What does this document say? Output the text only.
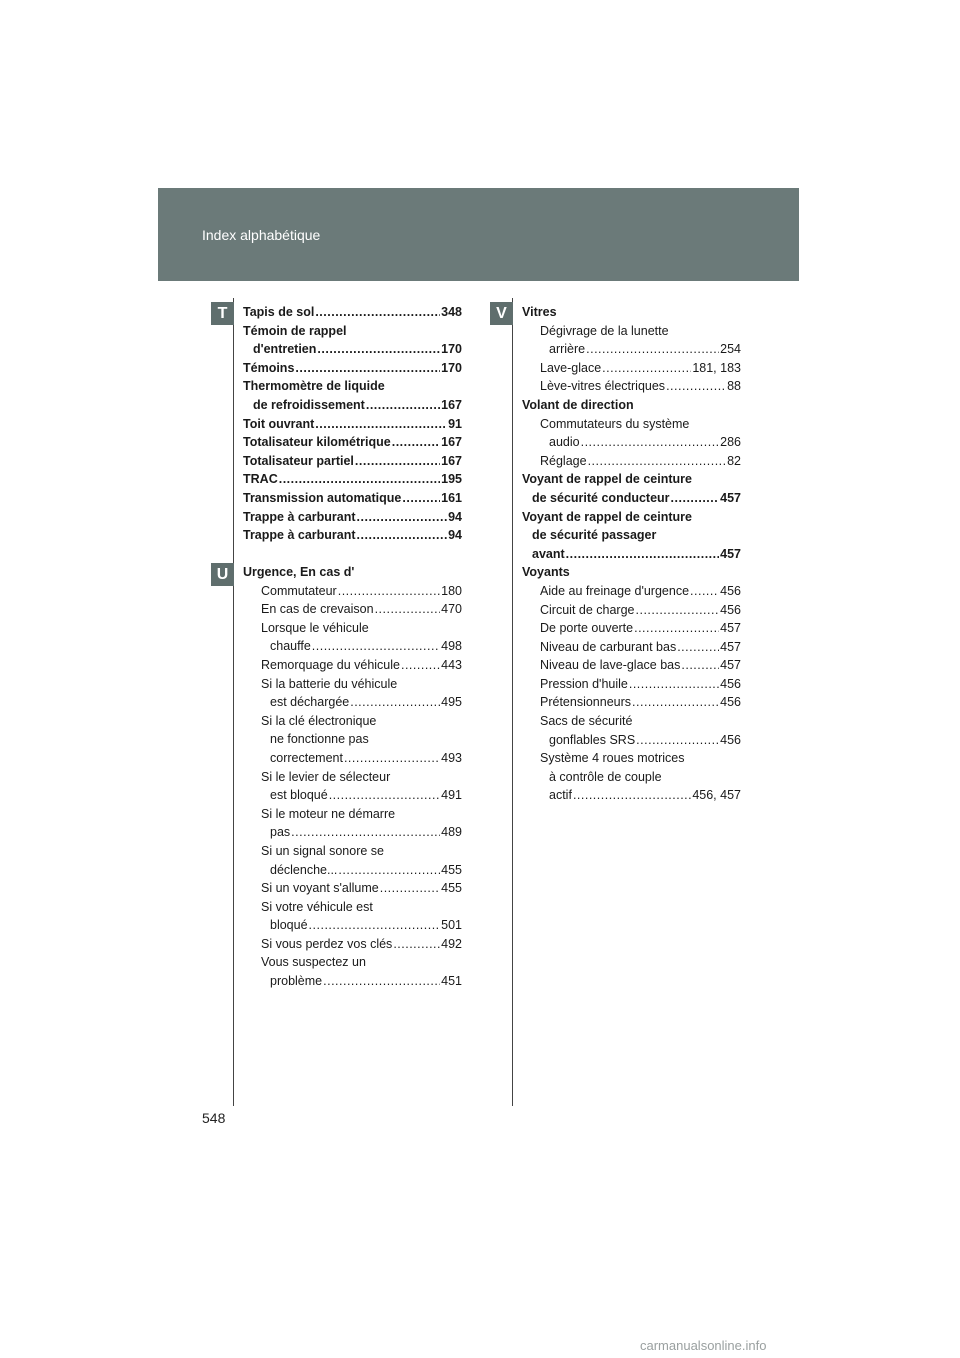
Index alphabétique
T
U
V
Tapis de sol .....	348
Témoin de rappel
d'entretien .....	170
Témoins .....	170
Thermomètre de liquide
de refroidissement .....	167
Toit ouvrant .....	91
Totalisateur kilométrique .....	167
Totalisateur partiel .....	167
TRAC .....	195
Transmission automatique .....	161
Trappe à carburant .....	94
Trappe à carburant .....	94
Urgence, En cas d'
Commutateur .....	180
En cas de crevaison .....	470
Lorsque le véhicule
chauffe .....	498
Remorquage du véhicule .....	443
Si la batterie du véhicule
est déchargée .....	495
Si la clé électronique
ne fonctionne pas
correctement .....	493
Si le levier de sélecteur
est bloqué .....	491
Si le moteur ne démarre
pas .....	489
Si un signal sonore se
déclenche... .....	455
Si un voyant s'allume .....	455
Si votre véhicule est
bloqué .....	501
Si vous perdez vos clés .....	492
Vous suspectez un
problème .....	451
Vitres
Dégivrage de la lunette
arrière .....	254
Lave-glace .....	181, 183
Lève-vitres électriques .....	88
Volant de direction
Commutateurs du système
audio .....	286
Réglage .....	82
Voyant de rappel de ceinture
de sécurité conducteur .....	457
Voyant de rappel de ceinture
de sécurité passager
avant .....	457
Voyants
Aide au freinage d'urgence ..... 456
Circuit de charge .....	456
De porte ouverte .....	457
Niveau de carburant bas .....	457
Niveau de lave-glace bas .....	457
Pression d'huile .....	456
Prétensionneurs .....	456
Sacs de sécurité
gonflables SRS .....	456
Système 4 roues motrices
à contrôle de couple
actif .....	456, 457
548
carmanualsonline.info
